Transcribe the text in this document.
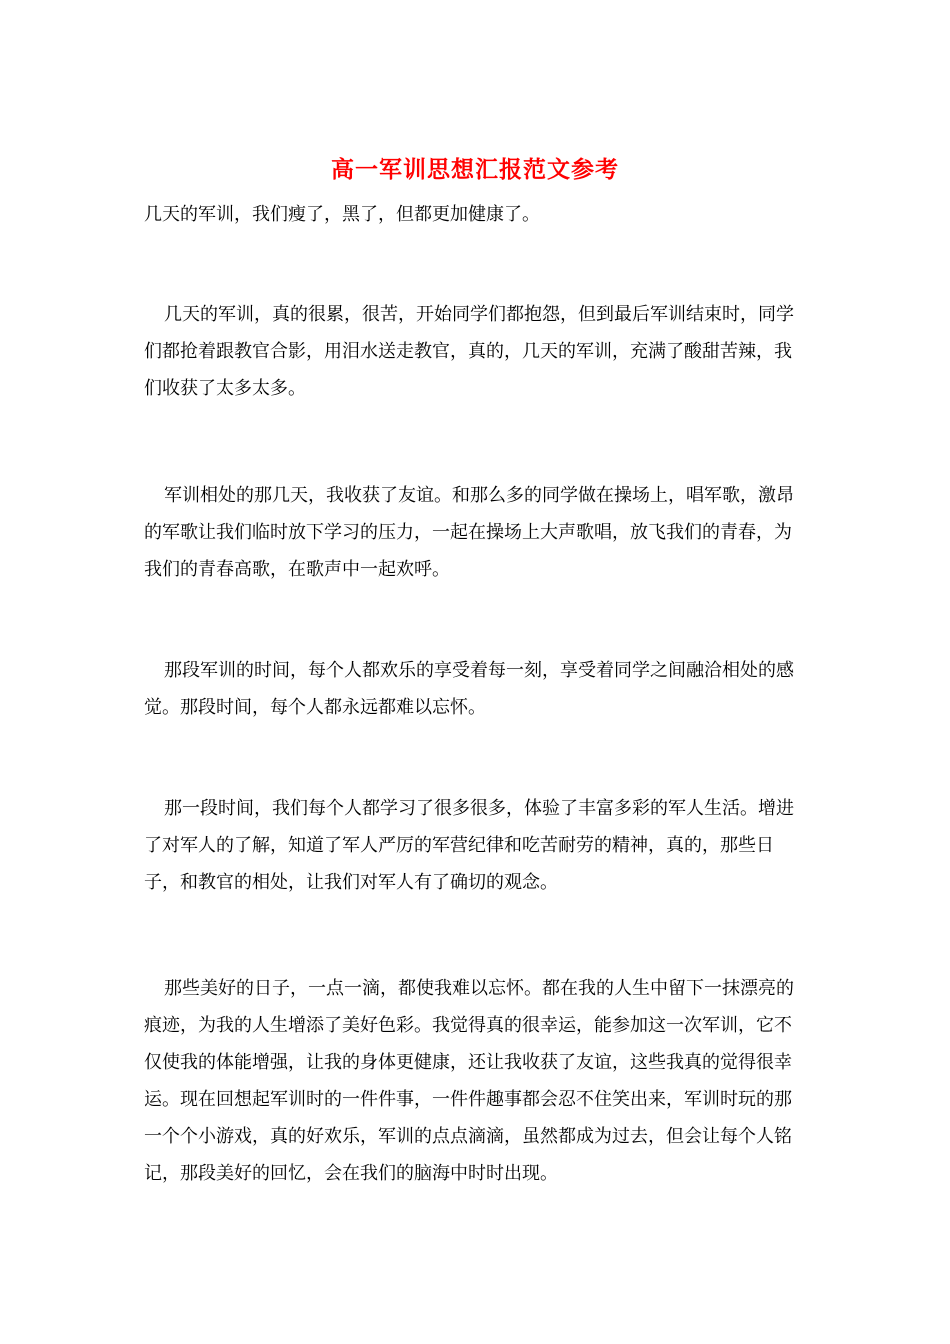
高一军训思想汇报范文参考

几天的军训，我们瘦了，黑了，但都更加健康了。

几天的军训，真的很累，很苦，开始同学们都抱怨，但到最后军训结束时，同学们都抢着跟教官合影，用泪水送走教官，真的，几天的军训，充满了酸甜苦辣，我们收获了太多太多。

军训相处的那几天，我收获了友谊。和那么多的同学做在操场上，唱军歌，激昂的军歌让我们临时放下学习的压力，一起在操场上大声歌唱，放飞我们的青春，为我们的青春高歌，在歌声中一起欢呼。

那段军训的时间，每个人都欢乐的享受着每一刻，享受着同学之间融洽相处的感觉。那段时间，每个人都永远都难以忘怀。

那一段时间，我们每个人都学习了很多很多，体验了丰富多彩的军人生活。增进了对军人的了解，知道了军人严厉的军营纪律和吃苦耐劳的精神，真的，那些日子，和教官的相处，让我们对军人有了确切的观念。

那些美好的日子，一点一滴，都使我难以忘怀。都在我的人生中留下一抹漂亮的痕迹，为我的人生增添了美好色彩。我觉得真的很幸运，能参加这一次军训，它不仅使我的体能增强，让我的身体更健康，还让我收获了友谊，这些我真的觉得很幸运。现在回想起军训时的一件件事，一件件趣事都会忍不住笑出来，军训时玩的那一个个小游戏，真的好欢乐，军训的点点滴滴，虽然都成为过去，但会让每个人铭记，那段美好的回忆，会在我们的脑海中时时出现。
